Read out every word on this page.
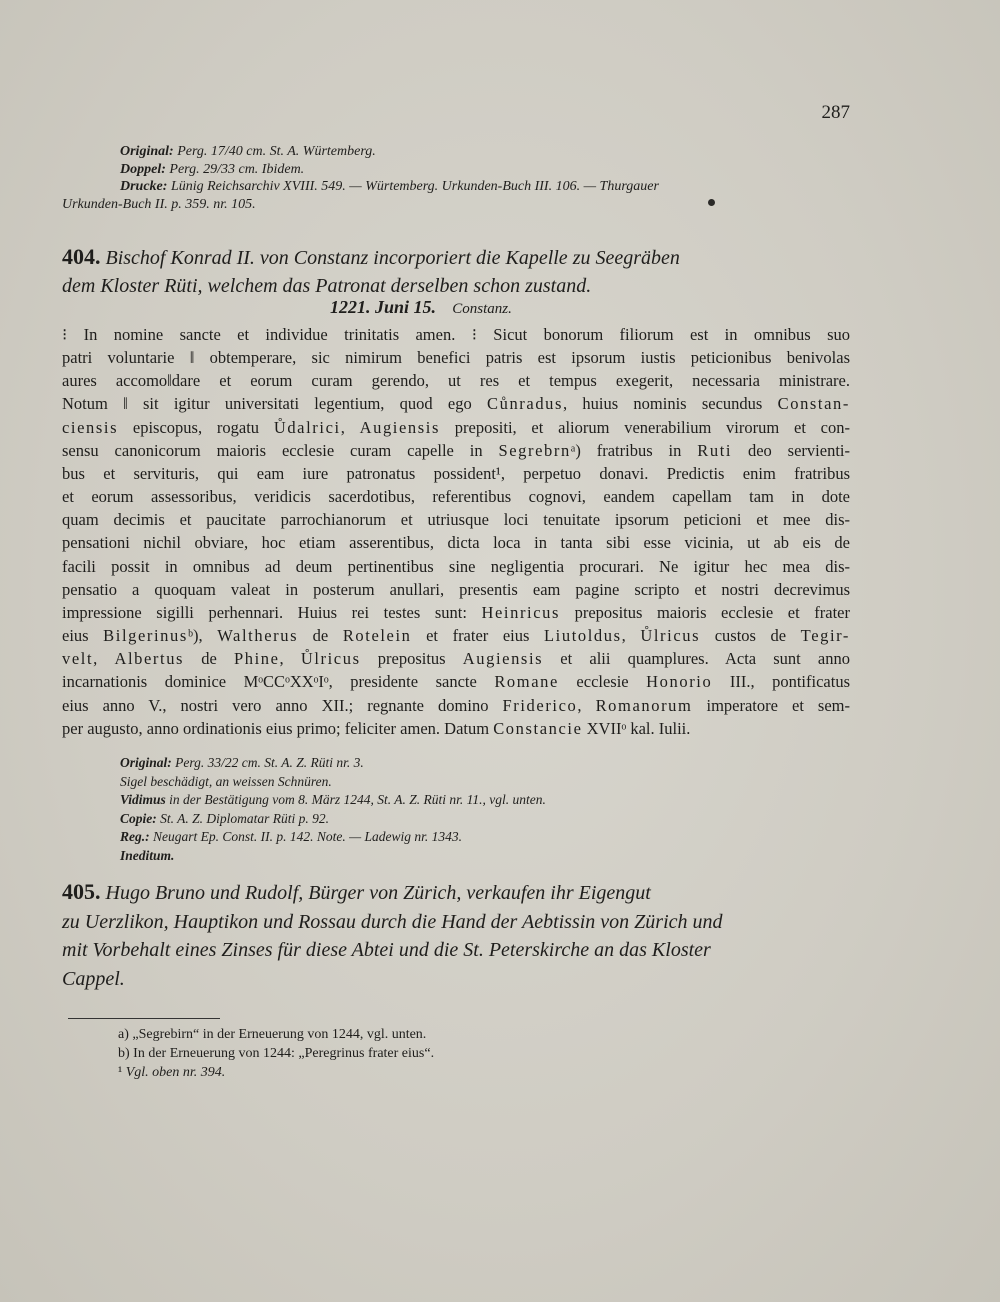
287
Original: Perg. 17/40 cm. St. A. Würtemberg.
Doppel: Perg. 29/33 cm. Ibidem.
Drucke: Lünig Reichsarchiv XVIII. 549. — Würtemberg. Urkunden-Buch III. 106. — Thurgauer
Urkunden-Buch II. p. 359. nr. 105.
404. Bischof Konrad II. von Constanz incorporiert die Kapelle zu Seegräben
dem Kloster Rüti, welchem das Patronat derselben schon zustand.
1221. Juni 15. Constanz.
⁝ In nomine sancte et individue trinitatis amen. ⁝ Sicut bonorum filiorum est in omnibus suo
patri voluntarie ‖ obtemperare, sic nimirum benefici patris est ipsorum iustis peticionibus benivolas
aures accomo‖dare et eorum curam gerendo, ut res et tempus exegerit, necessaria ministrare.
Notum ‖ sit igitur universitati legentium, quod ego Cůnradus, huius nominis secundus Constan-
ciensis episcopus, rogatu Ůdalrici, Augiensis prepositi, et aliorum venerabilium virorum et con-
sensu canonicorum maioris ecclesie curam capelle in Segrebrnᵃ) fratribus in Ruti deo servienti-
bus et servituris, qui eam iure patronatus possident¹, perpetuo donavi. Predictis enim fratribus
et eorum assessoribus, veridicis sacerdotibus, referentibus cognovi, eandem capellam tam in dote
quam decimis et paucitate parrochianorum et utriusque loci tenuitate ipsorum peticioni et mee dis-
pensationi nichil obviare, hoc etiam asserentibus, dicta loca in tanta sibi esse vicinia, ut ab eis de
facili possit in omnibus ad deum pertinentibus sine negligentia procurari. Ne igitur hec mea dis-
pensatio a quoquam valeat in posterum anullari, presentis eam pagine scripto et nostri decrevimus
impressione sigilli perhennari. Huius rei testes sunt: Heinricus prepositus maioris ecclesie et frater
eius Bilgerinusᵇ), Waltherus de Rotelein et frater eius Liutoldus, Ůlricus custos de Tegir-
velt, Albertus de Phine, Ůlricus prepositus Augiensis et alii quamplures. Acta sunt anno
incarnationis dominice MᵒCCᵒXXᵒIᵒ, presidente sancte Romane ecclesie Honorio III., pontificatus
eius anno V., nostri vero anno XII.; regnante domino Friderico, Romanorum imperatore et sem-
per augusto, anno ordinationis eius primo; feliciter amen. Datum Constancie XVIIᵒ kal. Iulii.
Original: Perg. 33/22 cm. St. A. Z. Rüti nr. 3.
Sigel beschädigt, an weissen Schnüren.
Vidimus in der Bestätigung vom 8. März 1244, St. A. Z. Rüti nr. 11., vgl. unten.
Copie: St. A. Z. Diplomatar Rüti p. 92.
Reg.: Neugart Ep. Const. II. p. 142. Note. — Ladewig nr. 1343.
Ineditum.
405. Hugo Bruno und Rudolf, Bürger von Zürich, verkaufen ihr Eigengut
zu Uerzlikon, Hauptikon und Rossau durch die Hand der Aebtissin von Zürich und
mit Vorbehalt eines Zinses für diese Abtei und die St. Peterskirche an das Kloster
Cappel.
a) „Segrebirn“ in der Erneuerung von 1244, vgl. unten.
b) In der Erneuerung von 1244: „Peregrinus frater eius“.
¹ Vgl. oben nr. 394.
